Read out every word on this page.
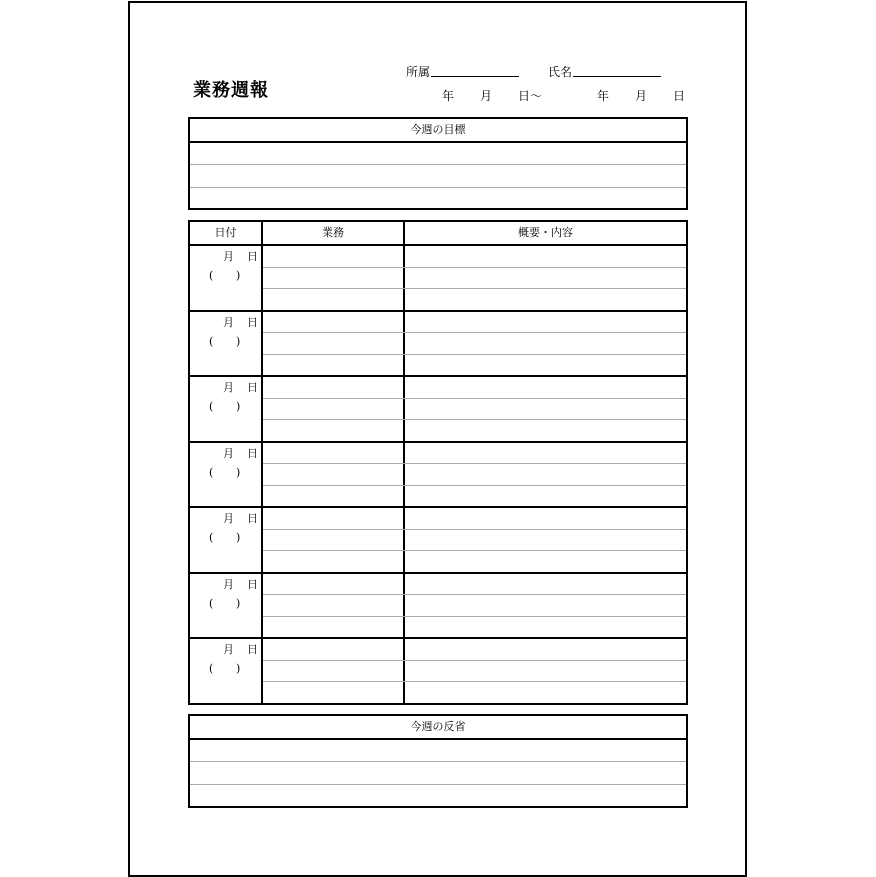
業務週報
所属	氏名
年 月 日〜	年 月 日
今週の目標
日付	業務	概要・内容
月 日
( )
月 日
( )
月 日
( )
月 日
( )
月 日
( )
月 日
( )
月 日
( )
今週の反省
